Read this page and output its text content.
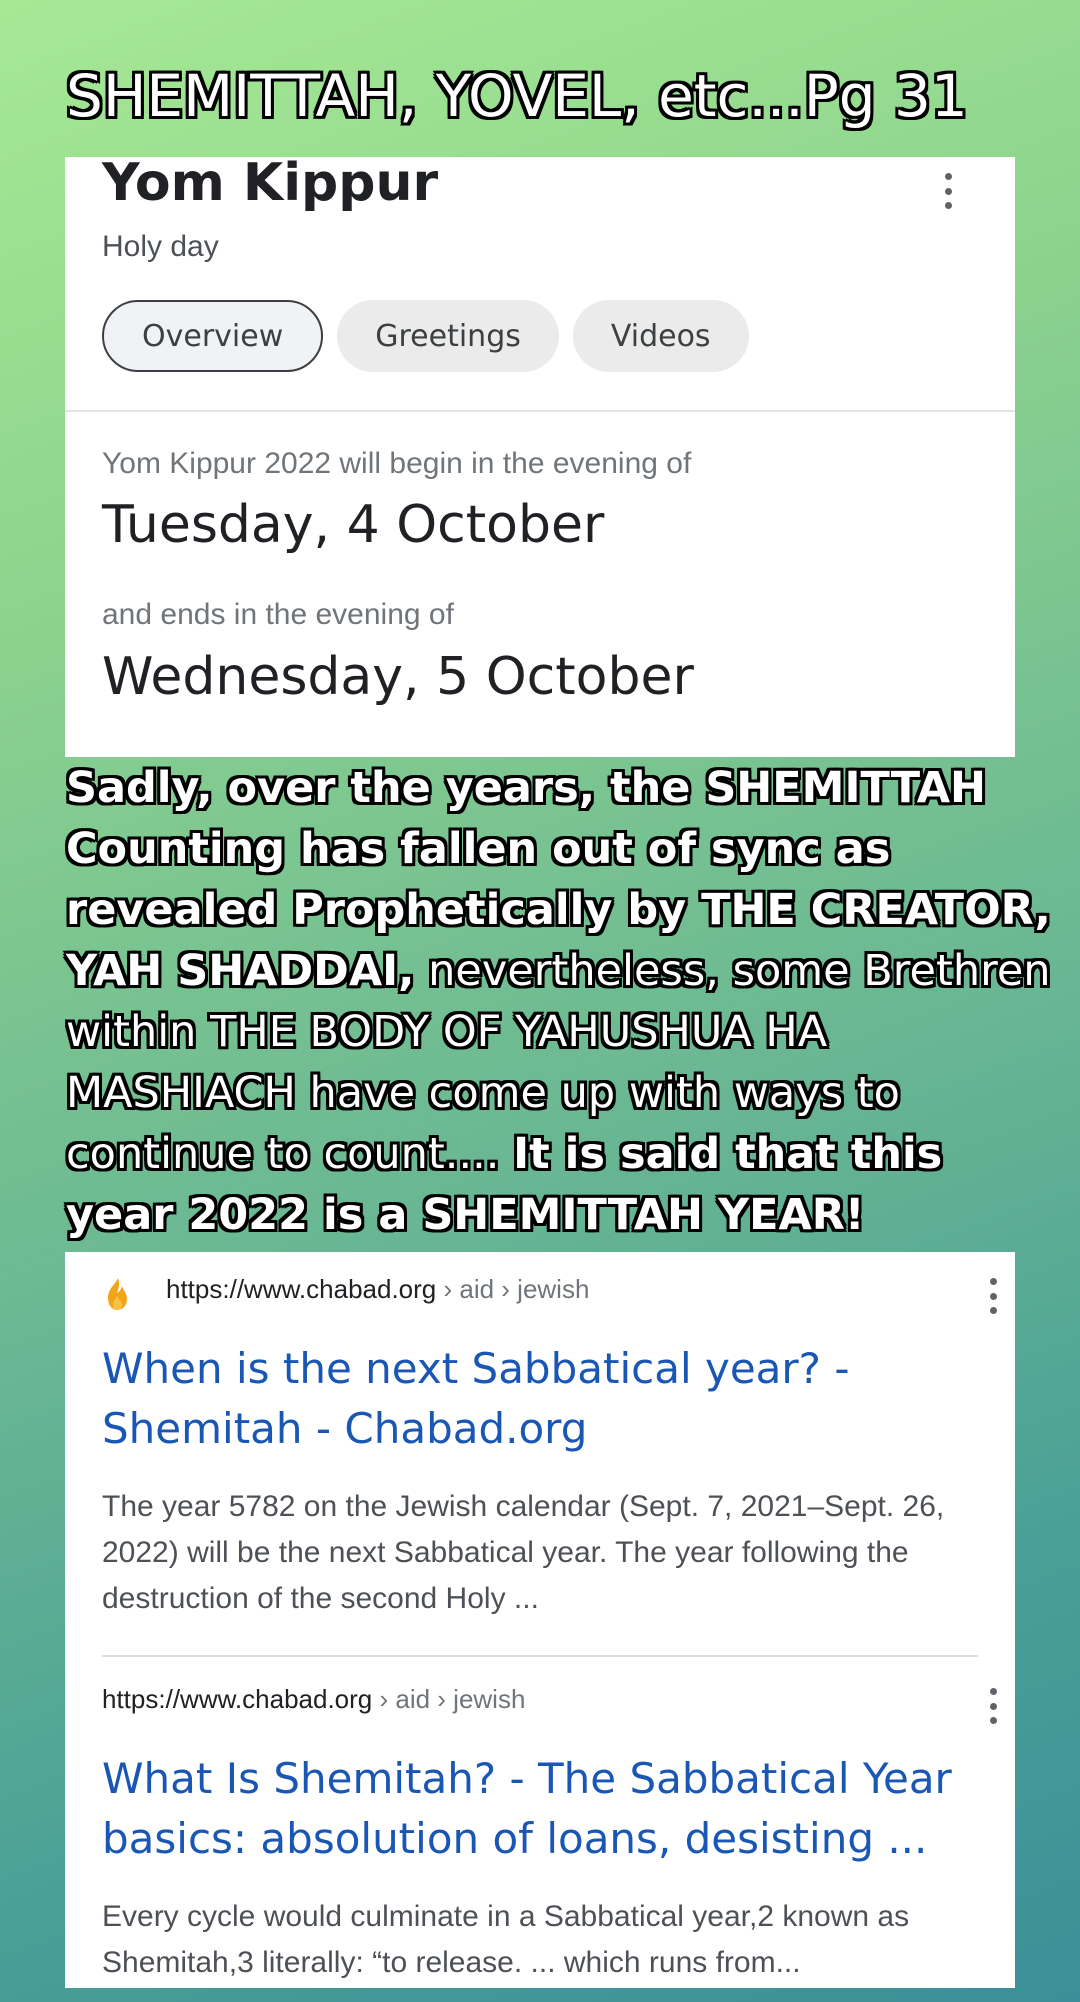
SHEMITTAH, YOVEL, etc...Pg 31
Yom Kippur
Holy day
Overview	Greetings	Videos
Yom Kippur 2022 will begin in the evening of
Tuesday, 4 October
and ends in the evening of
Wednesday, 5 October
Sadly, over the years, the SHEMITTAH Counting has fallen out of sync as revealed Prophetically by THE CREATOR, YAH SHADDAI, nevertheless, some Brethren within THE BODY OF YAHUSHUA HA MASHIACH have come up with ways to continue to count.... It is said that this year 2022 is a SHEMITTAH YEAR!
https://www.chabad.org › aid › jewish
When is the next Sabbatical year? - Shemitah - Chabad.org
The year 5782 on the Jewish calendar (Sept. 7, 2021–Sept. 26, 2022) will be the next Sabbatical year. The year following the destruction of the second Holy ...
https://www.chabad.org › aid › jewish
What Is Shemitah? - The Sabbatical Year basics: absolution of loans, desisting ...
Every cycle would culminate in a Sabbatical year,2 known as Shemitah,3 literally: “to release. ... which runs from...
